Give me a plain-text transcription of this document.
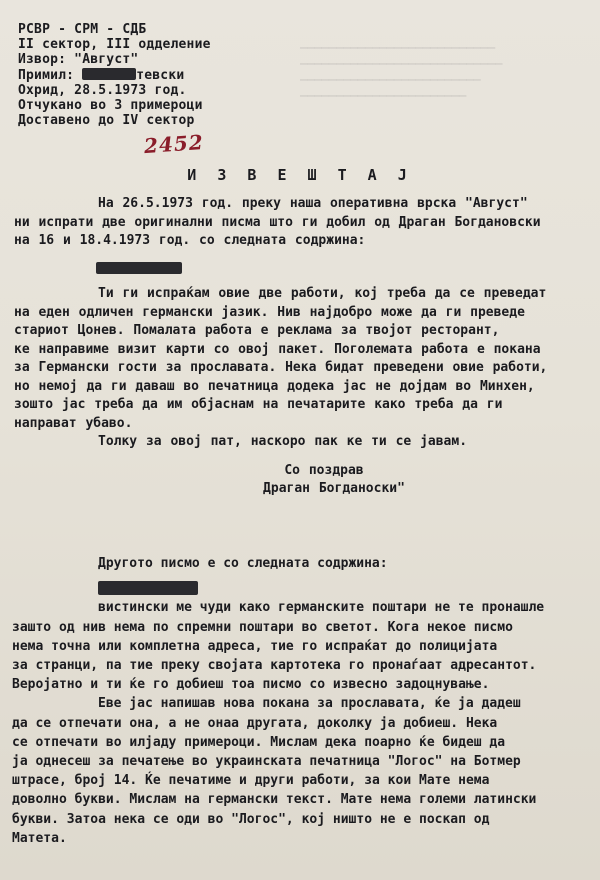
───────────────────────────
────────────────────────────
─────────────────────────
───────────────────────

РСВР - СРМ - СДБ
II сектор, III одделение
Извор: "Август"
Примил:	тевски
Охрид, 28.5.1973 год.
Отчукано во 3 примероци
Доставено до IV сектор
2452
И З В Е Ш Т А Ј
На 26.5.1973 год. преку наша оперативна врска "Август"
ни испрати две оригинални писма што ги добил од Драган Богдановски
на 16 и 18.4.1973 год. со следната содржина:
Ти ги испраќам овие две работи, кој треба да се преведат
на еден одличен германски јазик. Нив најдобро може да ги преведе
стариот Цонев. Помалата работа е реклама за твојот ресторант,
ке направиме визит карти со овој пакет. Поголемата работа е покана
за Германски гости за прославата. Нека бидат преведени овие работи,
но немој да ги даваш во печатница додека јас не дојдам во Минхен,
зошто јас треба да им објаснам на печатарите како треба да ги
направат убаво.
Толку за овој пат, наскоро пак ке ти се јавам.
Со поздрав
Драган Богданоски"
Другото писмо е со следната содржина:
вистински ме чуди како германските поштари не те пронашле
зашто од нив нема по спремни поштари во светот. Кога некое писмо
нема точна или комплетна адреса, тие го испраќат до полицијата
за странци, па тие преку својата картотека го пронаѓаат адресантот.
Веројатно и ти ќе го добиеш тоа писмо со извесно задоцнување.
Еве јас напишав нова покана за прославата, ќе ја дадеш
да се отпечати она, а не онаа другата, доколку ја добиеш. Нека
се отпечати во илјаду примероци. Мислам дека поарно ќе бидеш да
ја однесеш за печатење во украинската печатница "Логос" на Ботмер
штрасе, број 14. Ќе печатиме и други работи, за кои Мате нема
доволно букви. Мислам на германски текст. Мате нема големи латински
букви. Затоа нека се оди во "Логос", кој ништо не е поскап од
Матета.
